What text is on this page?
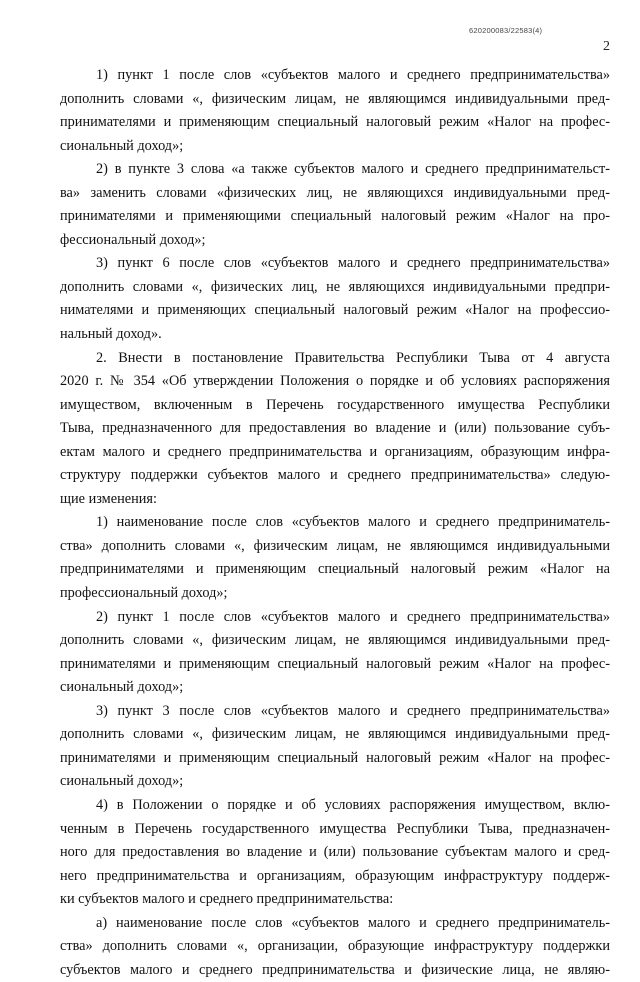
620200083/22583(4)
2
1) пункт 1 после слов «субъектов малого и среднего предпринимательства»
дополнить словами «, физическим лицам, не являющимся индивидуальными пред-
принимателями и применяющим специальный налоговый режим «Налог на профес-
сиональный доход»;
2) в пункте 3 слова «а также субъектов малого и среднего предпринимательст-
ва» заменить словами «физических лиц, не являющихся индивидуальными пред-
принимателями и применяющими специальный налоговый режим «Налог на про-
фессиональный доход»;
3) пункт 6 после слов «субъектов малого и среднего предпринимательства»
дополнить словами «, физических лиц, не являющихся индивидуальными предпри-
нимателями и применяющих специальный налоговый режим «Налог на профессио-
нальный доход».
2. Внести в постановление Правительства Республики Тыва от 4 августа
2020 г. № 354 «Об утверждении Положения о порядке и об условиях распоряжения
имуществом, включенным в Перечень государственного имущества Республики
Тыва, предназначенного для предоставления во владение и (или) пользование субъ-
ектам малого и среднего предпринимательства и организациям, образующим инфра-
структуру поддержки субъектов малого и среднего предпринимательства» следую-
щие изменения:
1) наименование после слов «субъектов малого и среднего предприниматель-
ства» дополнить словами «, физическим лицам, не являющимся индивидуальными
предпринимателями и применяющим специальный налоговый режим «Налог на
профессиональный доход»;
2) пункт 1 после слов «субъектов малого и среднего предпринимательства»
дополнить словами «, физическим лицам, не являющимся индивидуальными пред-
принимателями и применяющим специальный налоговый режим «Налог на профес-
сиональный доход»;
3) пункт 3 после слов «субъектов малого и среднего предпринимательства»
дополнить словами «, физическим лицам, не являющимся индивидуальными пред-
принимателями и применяющим специальный налоговый режим «Налог на профес-
сиональный доход»;
4) в Положении о порядке и об условиях распоряжения имуществом, вклю-
ченным в Перечень государственного имущества Республики Тыва, предназначен-
ного для предоставления во владение и (или) пользование субъектам малого и сред-
него предпринимательства и организациям, образующим инфраструктуру поддерж-
ки субъектов малого и среднего предпринимательства:
а) наименование после слов «субъектов малого и среднего предприниматель-
ства» дополнить словами «, организации, образующие инфраструктуру поддержки
субъектов малого и среднего предпринимательства и физические лица, не являю-
